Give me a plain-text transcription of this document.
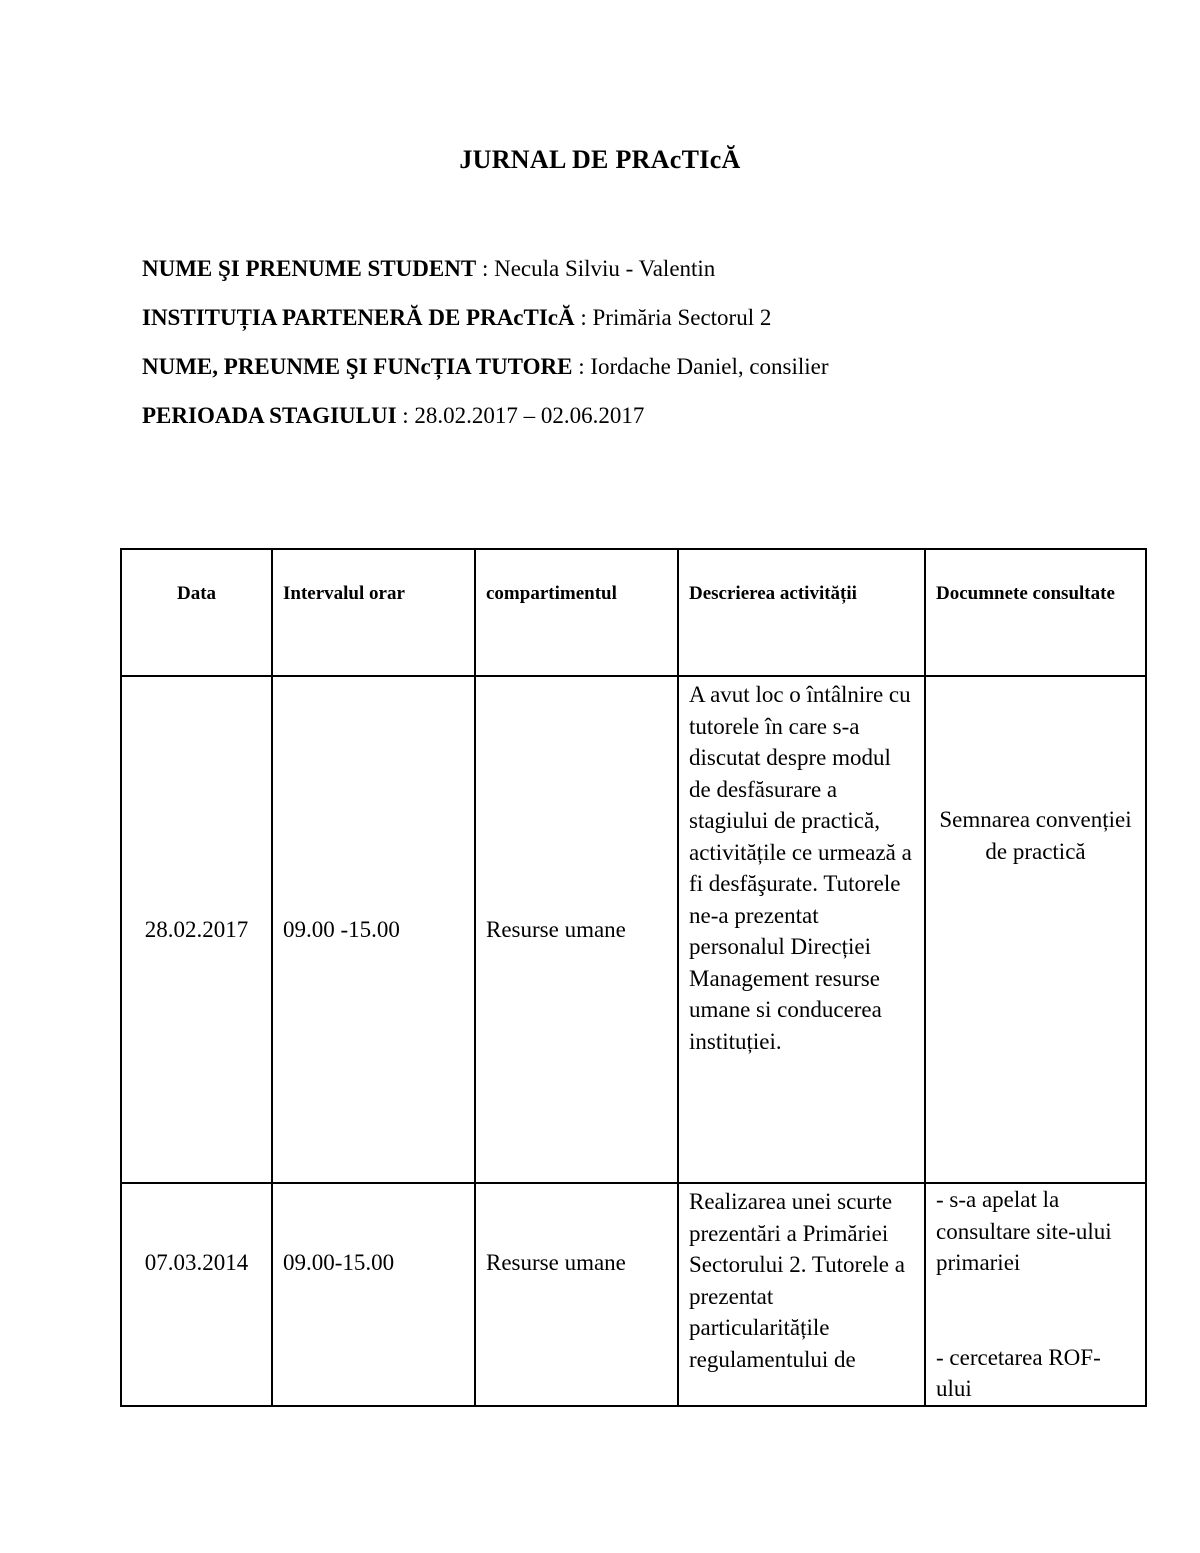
JURNAL DE PRAcTIcĂ
NUME ŞI PRENUME STUDENT : Necula Silviu - Valentin
INSTITUȚIA PARTENERĂ DE PRAcTIcĂ : Primăria Sectorul 2
NUME, PREUNME ŞI FUNcȚIA TUTORE : Iordache Daniel, consilier
PERIOADA STAGIULUI : 28.02.2017 – 02.06.2017
Data	Intervalul orar	compartimentul	Descrierea activității	Documnete consultate

28.02.2017	09.00 -15.00	Resurse umane	A avut loc o întâlnire cu tutorele în care s-a discutat despre modul de desfăsurare a stagiului de practică, activitățile ce urmează a fi desfăşurate. Tutorele ne-a prezentat personalul Direcției Management resurse umane si conducerea instituției.	Semnarea convenției de practică

07.03.2014	09.00-15.00	Resurse umane	Realizarea unei scurte prezentări a Primăriei Sectorului 2. Tutorele a prezentat particularitățile regulamentului de	- s-a apelat la consultare site-ului primariei
- cercetarea ROF-ului
